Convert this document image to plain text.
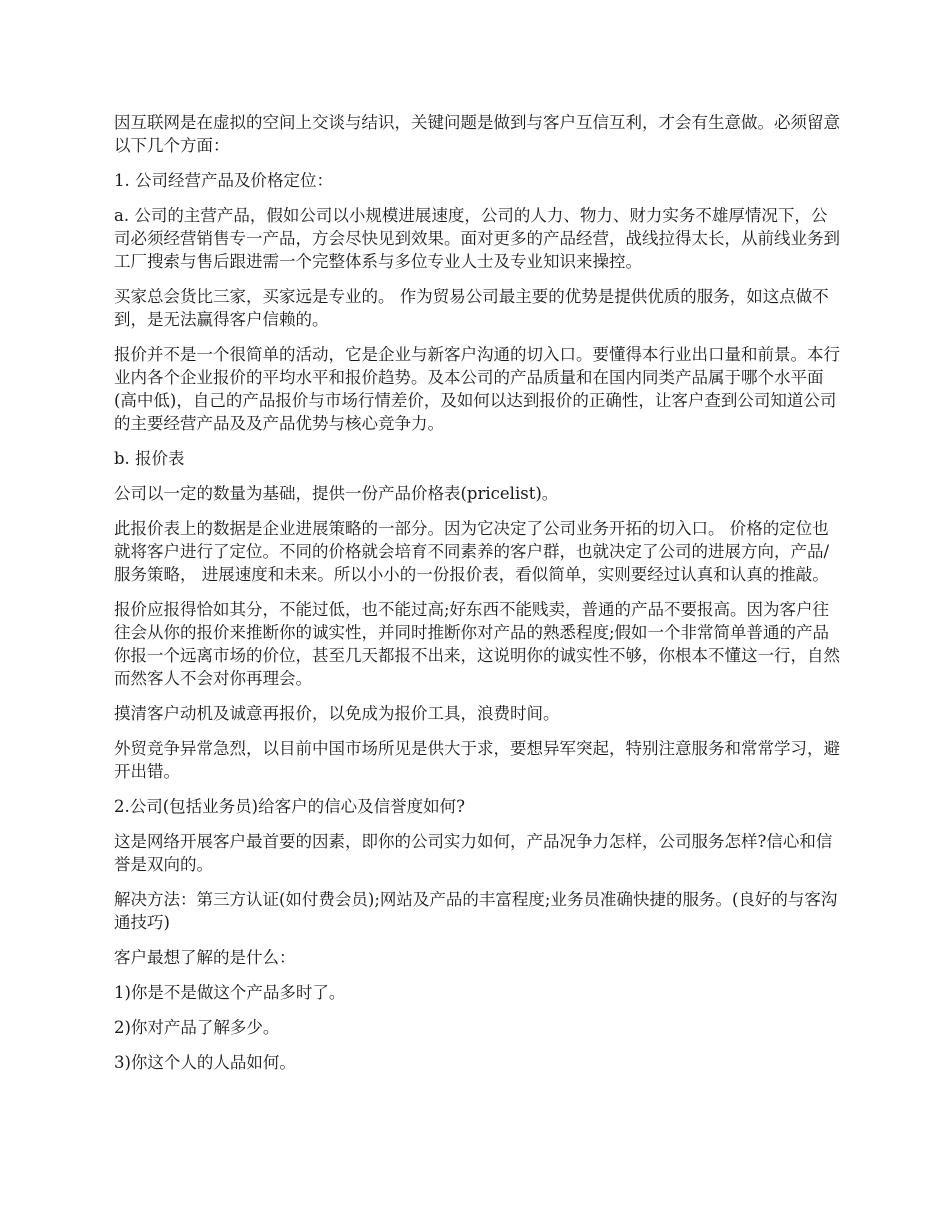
因互联网是在虚拟的空间上交谈与结识，关键问题是做到与客户互信互利，才会有生意做。必须留意以下几个方面：

1. 公司经营产品及价格定位：

a. 公司的主营产品，假如公司以小规模进展速度，公司的人力、物力、财力实务不雄厚情况下，公司必须经营销售专一产品，方会尽快见到效果。面对更多的产品经营，战线拉得太长，从前线业务到工厂搜索与售后跟进需一个完整体系与多位专业人士及专业知识来操控。

买家总会货比三家，买家远是专业的。 作为贸易公司最主要的优势是提供优质的服务，如这点做不到，是无法赢得客户信赖的。

报价并不是一个很简单的活动，它是企业与新客户沟通的切入口。要懂得本行业出口量和前景。本行业内各个企业报价的平均水平和报价趋势。及本公司的产品质量和在国内同类产品属于哪个水平面(高中低)，自己的产品报价与市场行情差价，及如何以达到报价的正确性，让客户查到公司知道公司的主要经营产品及及产品优势与核心竞争力。

b. 报价表

公司以一定的数量为基础，提供一份产品价格表(pricelist)。

此报价表上的数据是企业进展策略的一部分。因为它决定了公司业务开拓的切入口。 价格的定位也就将客户进行了定位。不同的价格就会培育不同素养的客户群，也就决定了公司的进展方向，产品/服务策略， 进展速度和未来。所以小小的一份报价表，看似简单，实则要经过认真和认真的推敲。

报价应报得恰如其分，不能过低，也不能过高;好东西不能贱卖，普通的产品不要报高。因为客户往往会从你的报价来推断你的诚实性，并同时推断你对产品的熟悉程度;假如一个非常简单普通的产品你报一个远离市场的价位，甚至几天都报不出来，这说明你的诚实性不够，你根本不懂这一行，自然而然客人不会对你再理会。

摸清客户动机及诚意再报价，以免成为报价工具，浪费时间。

外贸竞争异常急烈，以目前中国市场所见是供大于求，要想异军突起，特别注意服务和常常学习，避开出错。

2.公司(包括业务员)给客户的信心及信誉度如何?

这是网络开展客户最首要的因素，即你的公司实力如何，产品况争力怎样，公司服务怎样?信心和信誉是双向的。

解决方法：第三方认证(如付费会员);网站及产品的丰富程度;业务员准确快捷的服务。(良好的与客沟通技巧)

客户最想了解的是什么：

1)你是不是做这个产品多时了。

2)你对产品了解多少。

3)你这个人的人品如何。
